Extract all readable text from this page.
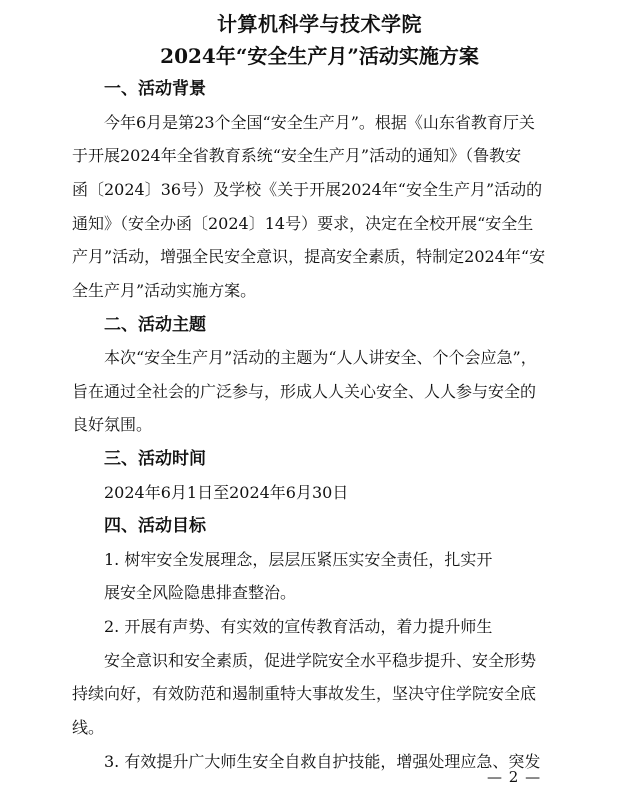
计算机科学与技术学院
2024年“安全生产月”活动实施方案
一、活动背景
今年6月是第23个全国“安全生产月”。根据《山东省教育厅关
于开展2024年全省教育系统“安全生产月”活动的通知》（鲁教安
函〔2024〕36号）及学校《关于开展2024年“安全生产月”活动的
通知》（安全办函〔2024〕14号）要求，决定在全校开展“安全生
产月”活动，增强全民安全意识，提高安全素质，特制定2024年“安
全生产月”活动实施方案。
二、活动主题
本次“安全生产月”活动的主题为“人人讲安全、个个会应急”，
旨在通过全社会的广泛参与，形成人人关心安全、人人参与安全的
良好氛围。
三、活动时间
2024年6月1日至2024年6月30日
四、活动目标
1. 树牢安全发展理念，层层压紧压实安全责任，扎实开
展安全风险隐患排查整治。
2. 开展有声势、有实效的宣传教育活动，着力提升师生
安全意识和安全素质，促进学院安全水平稳步提升、安全形势
持续向好，有效防范和遏制重特大事故发生，坚决守住学院安全底
线。
3. 有效提升广大师生安全自救自护技能，增强处理应急、突发
— 2 —
